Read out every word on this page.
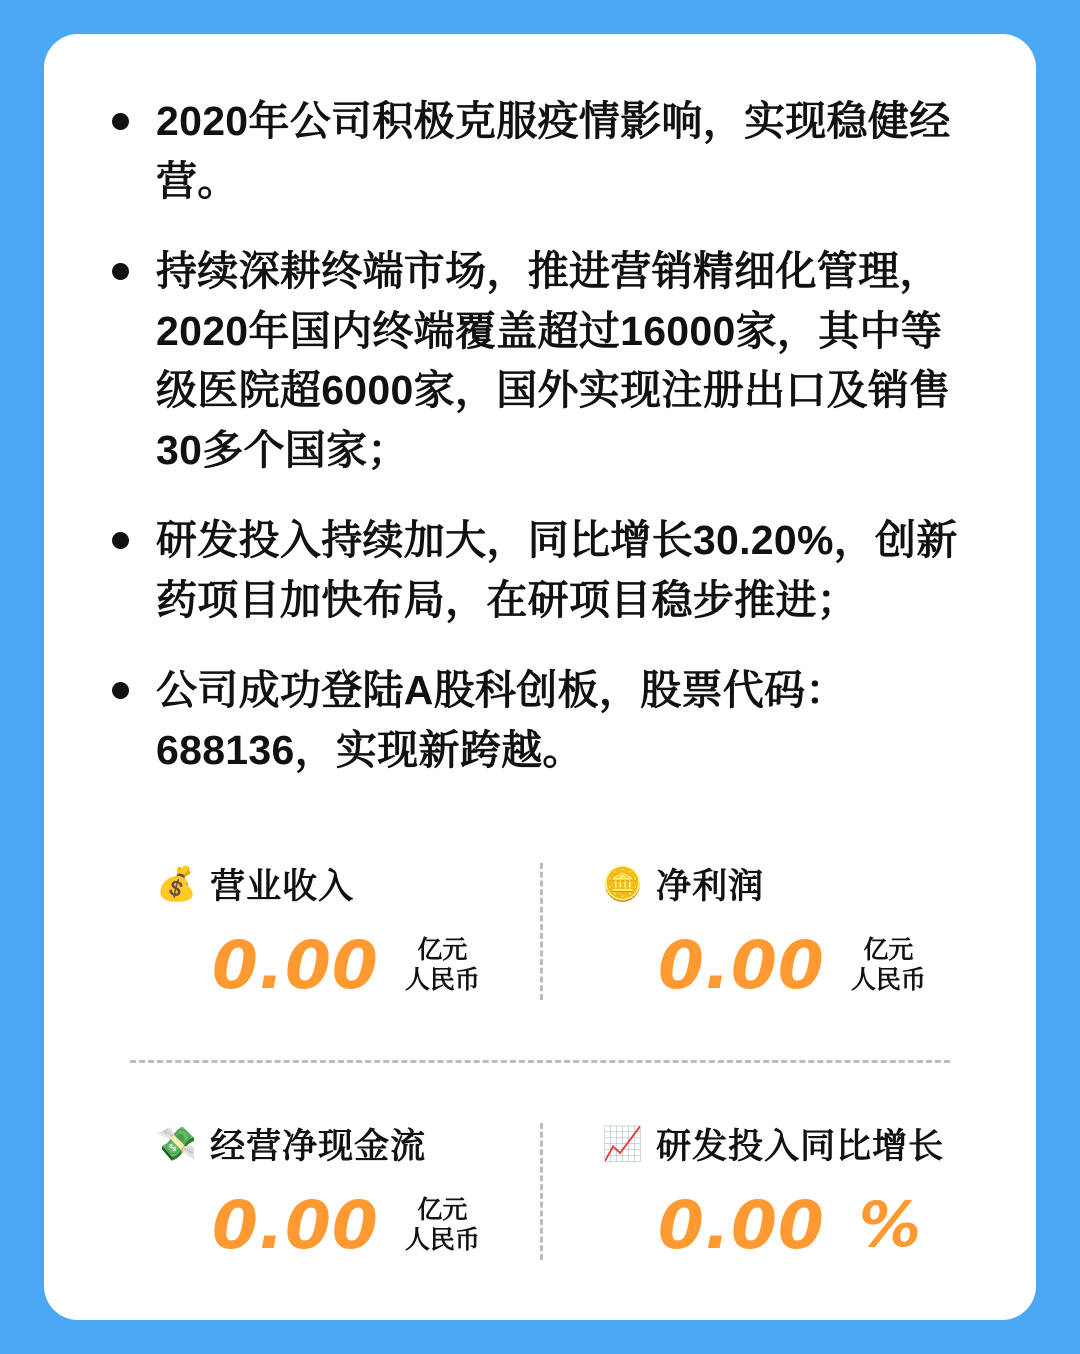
2020年公司积极克服疫情影响，实现稳健经营。
持续深耕终端市场，推进营销精细化管理，2020年国内终端覆盖超过16000家，其中等级医院超6000家，国外实现注册出口及销售30多个国家；
研发投入持续加大，同比增长30.20%，创新药项目加快布局，在研项目稳步推进；
公司成功登陆A股科创板，股票代码：688136，实现新跨越。
💰 营业收入
0.00	亿元
人民币
🪙 净利润
0.00	亿元
人民币
💸 经营净现金流
0.00	亿元
人民币
📈 研发投入同比增长
0.00 %
